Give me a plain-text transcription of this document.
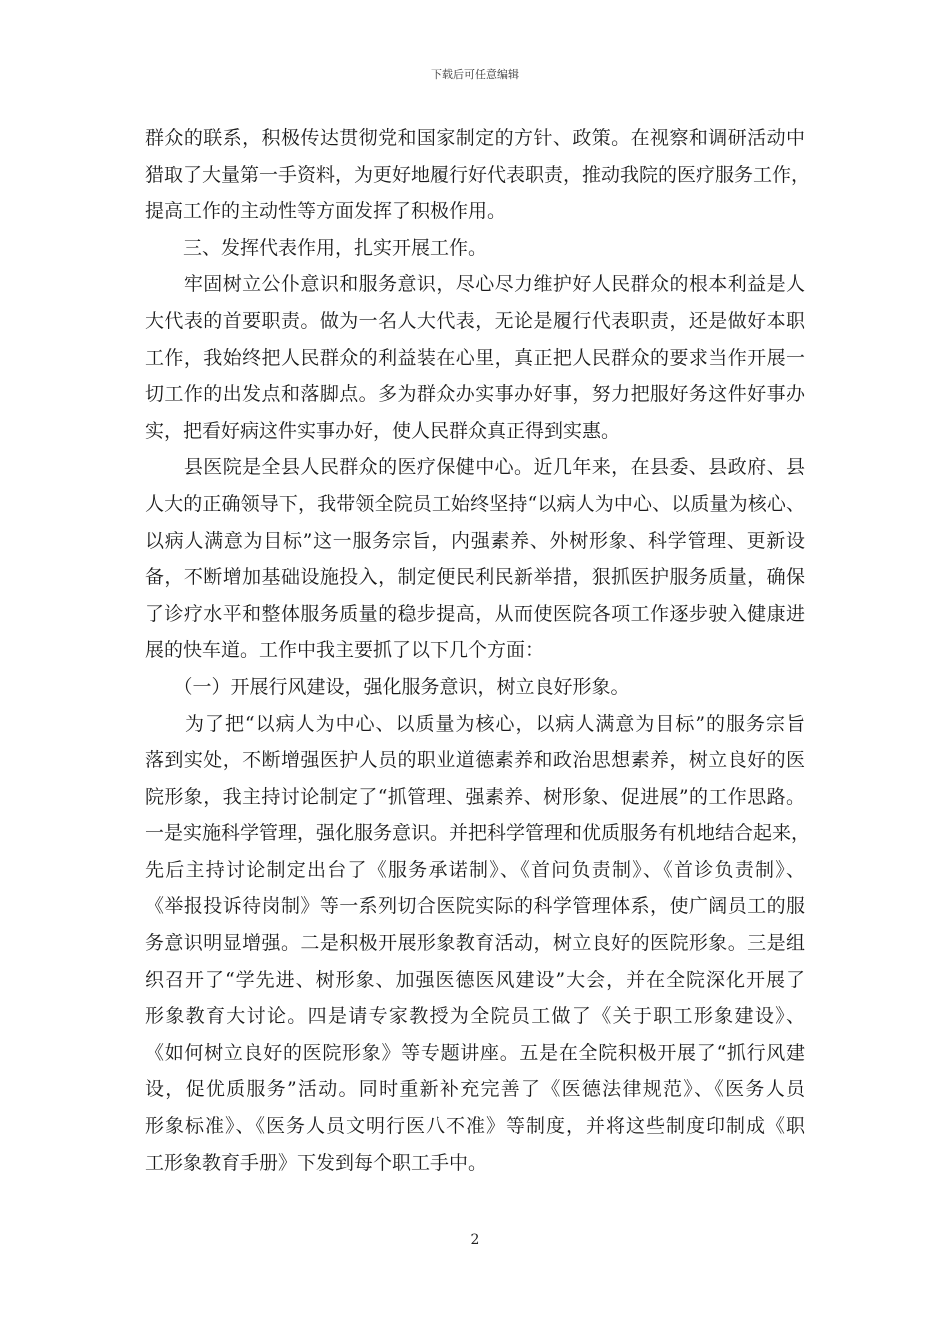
下载后可任意编辑
群众的联系，积极传达贯彻党和国家制定的方针、政策。在视察和调研活动中
猎取了大量第一手资料，为更好地履行好代表职责，推动我院的医疗服务工作，
提高工作的主动性等方面发挥了积极作用。
　　三、发挥代表作用，扎实开展工作。
　　牢固树立公仆意识和服务意识，尽心尽力维护好人民群众的根本利益是人
大代表的首要职责。做为一名人大代表，无论是履行代表职责，还是做好本职
工作，我始终把人民群众的利益装在心里，真正把人民群众的要求当作开展一
切工作的出发点和落脚点。多为群众办实事办好事，努力把服好务这件好事办
实，把看好病这件实事办好，使人民群众真正得到实惠。
　　县医院是全县人民群众的医疗保健中心。近几年来，在县委、县政府、县
人大的正确领导下，我带领全院员工始终坚持“以病人为中心、以质量为核心、
以病人满意为目标”这一服务宗旨，内强素养、外树形象、科学管理、更新设
备，不断增加基础设施投入，制定便民利民新举措，狠抓医护服务质量，确保
了诊疗水平和整体服务质量的稳步提高，从而使医院各项工作逐步驶入健康进
展的快车道。工作中我主要抓了以下几个方面：
　　（一）开展行风建设，强化服务意识，树立良好形象。
　　为了把“以病人为中心、以质量为核心，以病人满意为目标”的服务宗旨
落到实处，不断增强医护人员的职业道德素养和政治思想素养，树立良好的医
院形象，我主持讨论制定了“抓管理、强素养、树形象、促进展”的工作思路。
一是实施科学管理，强化服务意识。并把科学管理和优质服务有机地结合起来，
先后主持讨论制定出台了《服务承诺制》、《首问负责制》、《首诊负责制》、
《举报投诉待岗制》等一系列切合医院实际的科学管理体系，使广阔员工的服
务意识明显增强。二是积极开展形象教育活动，树立良好的医院形象。三是组
织召开了“学先进、树形象、加强医德医风建设”大会，并在全院深化开展了
形象教育大讨论。四是请专家教授为全院员工做了《关于职工形象建设》、
《如何树立良好的医院形象》等专题讲座。五是在全院积极开展了“抓行风建
设，促优质服务”活动。同时重新补充完善了《医德法律规范》、《医务人员
形象标准》、《医务人员文明行医八不准》等制度，并将这些制度印制成《职
工形象教育手册》下发到每个职工手中。
2
